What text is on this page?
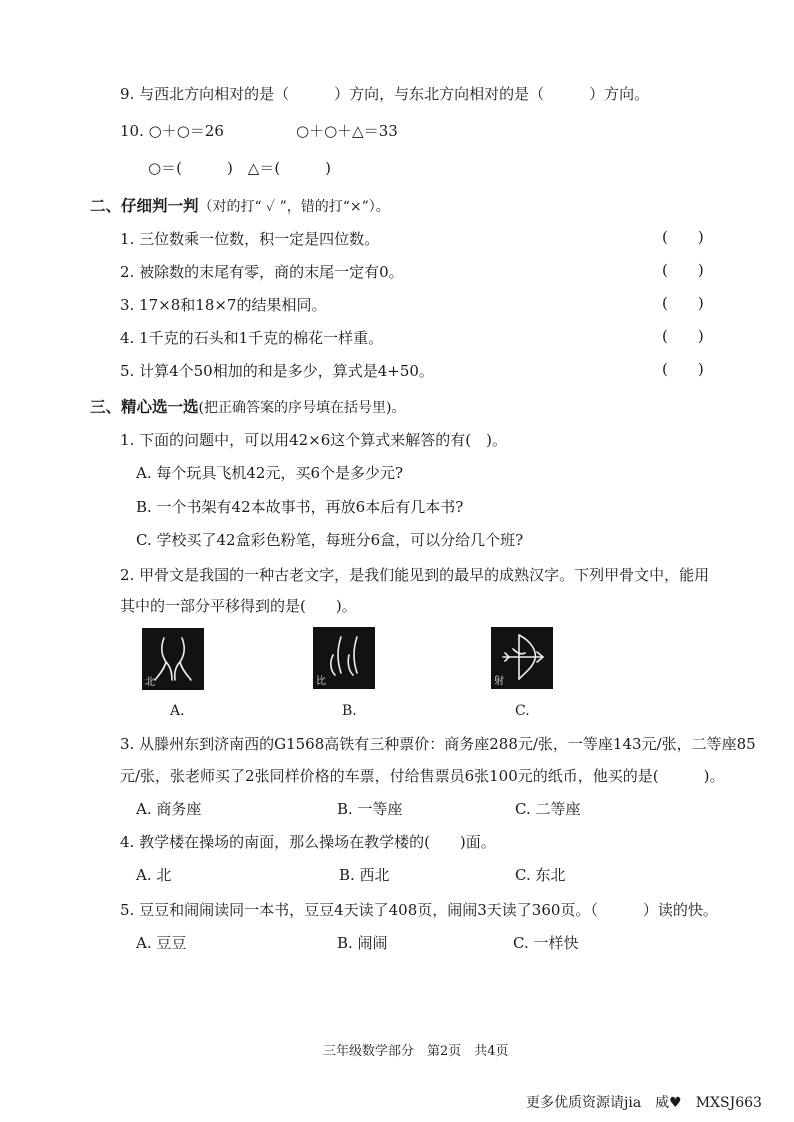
9. 与西北方向相对的是（　　　）方向，与东北方向相对的是（　　　）方向。
10. ○＋○＝26	○＋○＋△＝33
○＝(　　　)　△＝(　　　)
二、仔细判一判（对的打“ ✓ ”，错的打“×”）。
1. 三位数乘一位数，积一定是四位数。	(　　)
2. 被除数的末尾有零，商的末尾一定有0。	(　　)
3. 17×8和18×7的结果相同。	(　　)
4. 1千克的石头和1千克的棉花一样重。	(　　)
5. 计算4个50相加的和是多少，算式是4+50。	(　　)
三、精心选一选(把正确答案的序号填在括号里)。
1. 下面的问题中，可以用42×6这个算式来解答的有(　)。
A. 每个玩具飞机42元，买6个是多少元?
B. 一个书架有42本故事书，再放6本后有几本书?
C. 学校买了42盒彩色粉笔，每班分6盒，可以分给几个班?
2. 甲骨文是我国的一种古老文字，是我们能见到的最早的成熟汉字。下列甲骨文中，能用
其中的一部分平移得到的是(　　)。
北
A.
比
B.
射
C.
3. 从滕州东到济南西的G1568高铁有三种票价：商务座288元/张，一等座143元/张，二等座85
元/张，张老师买了2张同样价格的车票，付给售票员6张100元的纸币，他买的是(　　　)。
A. 商务座	B. 一等座	C. 二等座
4. 教学楼在操场的南面，那么操场在教学楼的(　　)面。
A. 北	B. 西北	C. 东北
5. 豆豆和闹闹读同一本书，豆豆4天读了408页，闹闹3天读了360页。（　　　）读的快。
A. 豆豆	B. 闹闹	C. 一样快
三年级数学部分　第2页　共4页
更多优质资源请jia　威♥　MXSJ663
